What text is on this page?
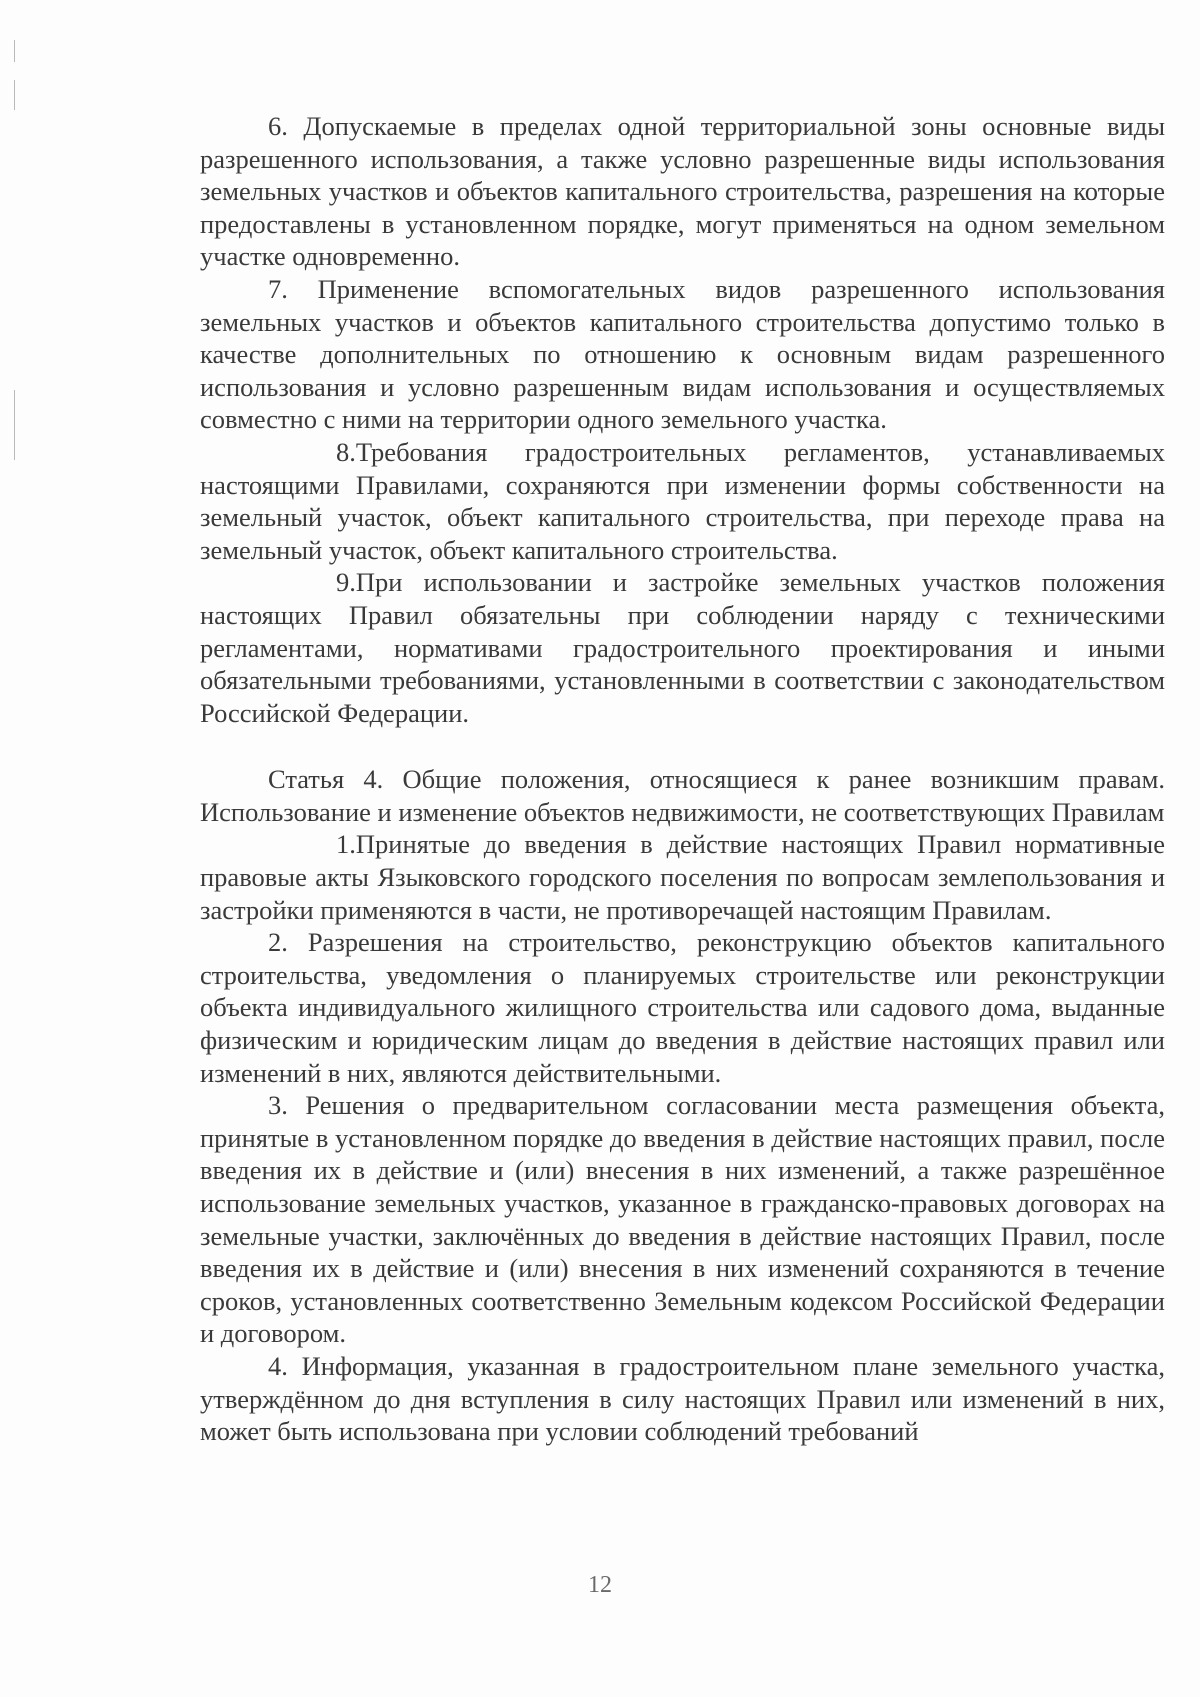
6. Допускаемые в пределах одной территориальной зоны основные виды разрешенного использования, а также условно разрешенные виды использования земельных участков и объектов капитального строительства, разрешения на которые предоставлены в установленном порядке, могут применяться на одном земельном участке одновременно.

7. Применение вспомогательных видов разрешенного использования земельных участков и объектов капитального строительства допустимо только в качестве дополнительных по отношению к основным видам разрешенного использования и условно разрешенным видам использования и осуществляемых совместно с ними на территории одного земельного участка.

8.Требования градостроительных регламентов, устанавливаемых настоящими Правилами, сохраняются при изменении формы собственности на земельный участок, объект капитального строительства, при переходе права на земельный участок, объект капитального строительства.

9.При использовании и застройке земельных участков положения настоящих Правил обязательны при соблюдении наряду с техническими регламентами, нормативами градостроительного проектирования и иными обязательными требованиями, установленными в соответствии с законодательством Российской Федерации.

Статья 4. Общие положения, относящиеся к ранее возникшим правам. Использование и изменение объектов недвижимости, не соответствующих Правилам

1.Принятые до введения в действие настоящих Правил нормативные правовые акты Языковского городского поселения по вопросам землепользования и застройки применяются в части, не противоречащей настоящим Правилам.

2. Разрешения на строительство, реконструкцию объектов капитального строительства, уведомления о планируемых строительстве или реконструкции объекта индивидуального жилищного строительства или садового дома, выданные физическим и юридическим лицам до введения в действие настоящих правил или изменений в них, являются действительными.

3. Решения о предварительном согласовании места размещения объекта, принятые в установленном порядке до введения в действие настоящих правил, после введения их в действие и (или) внесения в них изменений, а также разрешённое использование земельных участков, указанное в гражданско-правовых договорах на земельные участки, заключённых до введения в действие настоящих Правил, после введения их в действие и (или) внесения в них изменений сохраняются в течение сроков, установленных соответственно Земельным кодексом Российской Федерации и договором.

4. Информация, указанная в градостроительном плане земельного участка, утверждённом до дня вступления в силу настоящих Правил или изменений в них, может быть использована при условии соблюдений требований

12
